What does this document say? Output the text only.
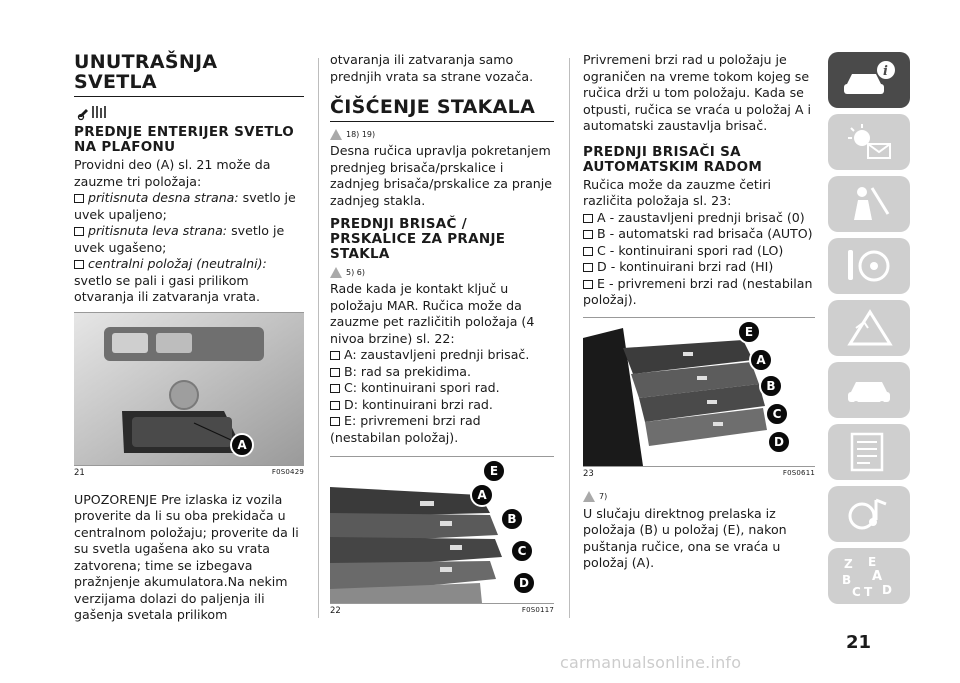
UNUTRAŠNJA SVETLA
PREDNJE ENTERIJER SVETLO NA PLAFONU

Providni deo (A) sl. 21 može da zauzme tri položaja:

pritisnuta desna strana: svetlo je uvek upaljeno;

pritisnuta leva strana: svetlo je uvek ugašeno;

centralni položaj (neutralni): svetlo se pali i gasi prilikom otvaranja ili zatvaranja vrata.

A
21	F0S0429

UPOZORENJE Pre izlaska iz vozila proverite da li su oba prekidača u centralnom položaju; proverite da li su svetla ugašena ako su vrata zatvorena; time se izbegava pražnjenje akumulatora.Na nekim verzijama dolazi do paljenja ili gašenja svetala prilikom

otvaranja ili zatvaranja samo prednjih vrata sa strane vozača.

ČIŠĆENJE STAKALA
18) 19)

Desna ručica upravlja pokretanjem prednjeg brisača/prskalice i zadnjeg brisača/prskalice za pranje zadnjeg stakla.

PREDNJI BRISAČ / PRSKALICE ZA PRANJE STAKLA
5) 6)

Rade kada je kontakt ključ u položaju MAR. Ručica može da zauzme pet različitih položaja (4 nivoa brzine) sl. 22:

A: zaustavljeni prednji brisač.

B: rad sa prekidima.

C: kontinuirani spori rad.

D: kontinuirani brzi rad.

E: privremeni brzi rad (nestabilan položaj).

E
A
B
C
D
22	F0S0117

Privremeni brzi rad u položaju je ograničen na vreme tokom kojeg se ručica drži u tom položaju. Kada se otpusti, ručica se vraća u položaj A i automatski zaustavlja brisač.

PREDNJI BRISAČI SA AUTOMATSKIM RADOM

Ručica može da zauzme četiri različita položaja sl. 23:

A - zaustavljeni prednji brisač (0)

B - automatski rad brisača (AUTO)

C - kontinuirani spori rad (LO)

D - kontinuirani brzi rad (HI)

E - privremeni brzi rad (nestabilan položaj).

E
A
B
C
D
23	F0S0611
7)

U slučaju direktnog prelaska iz položaja (B) u položaj (E), nakon puštanja ručice, ona se vraća u položaj (A).

i
Z E
B A
C T D
21
carmanualsonline.info
